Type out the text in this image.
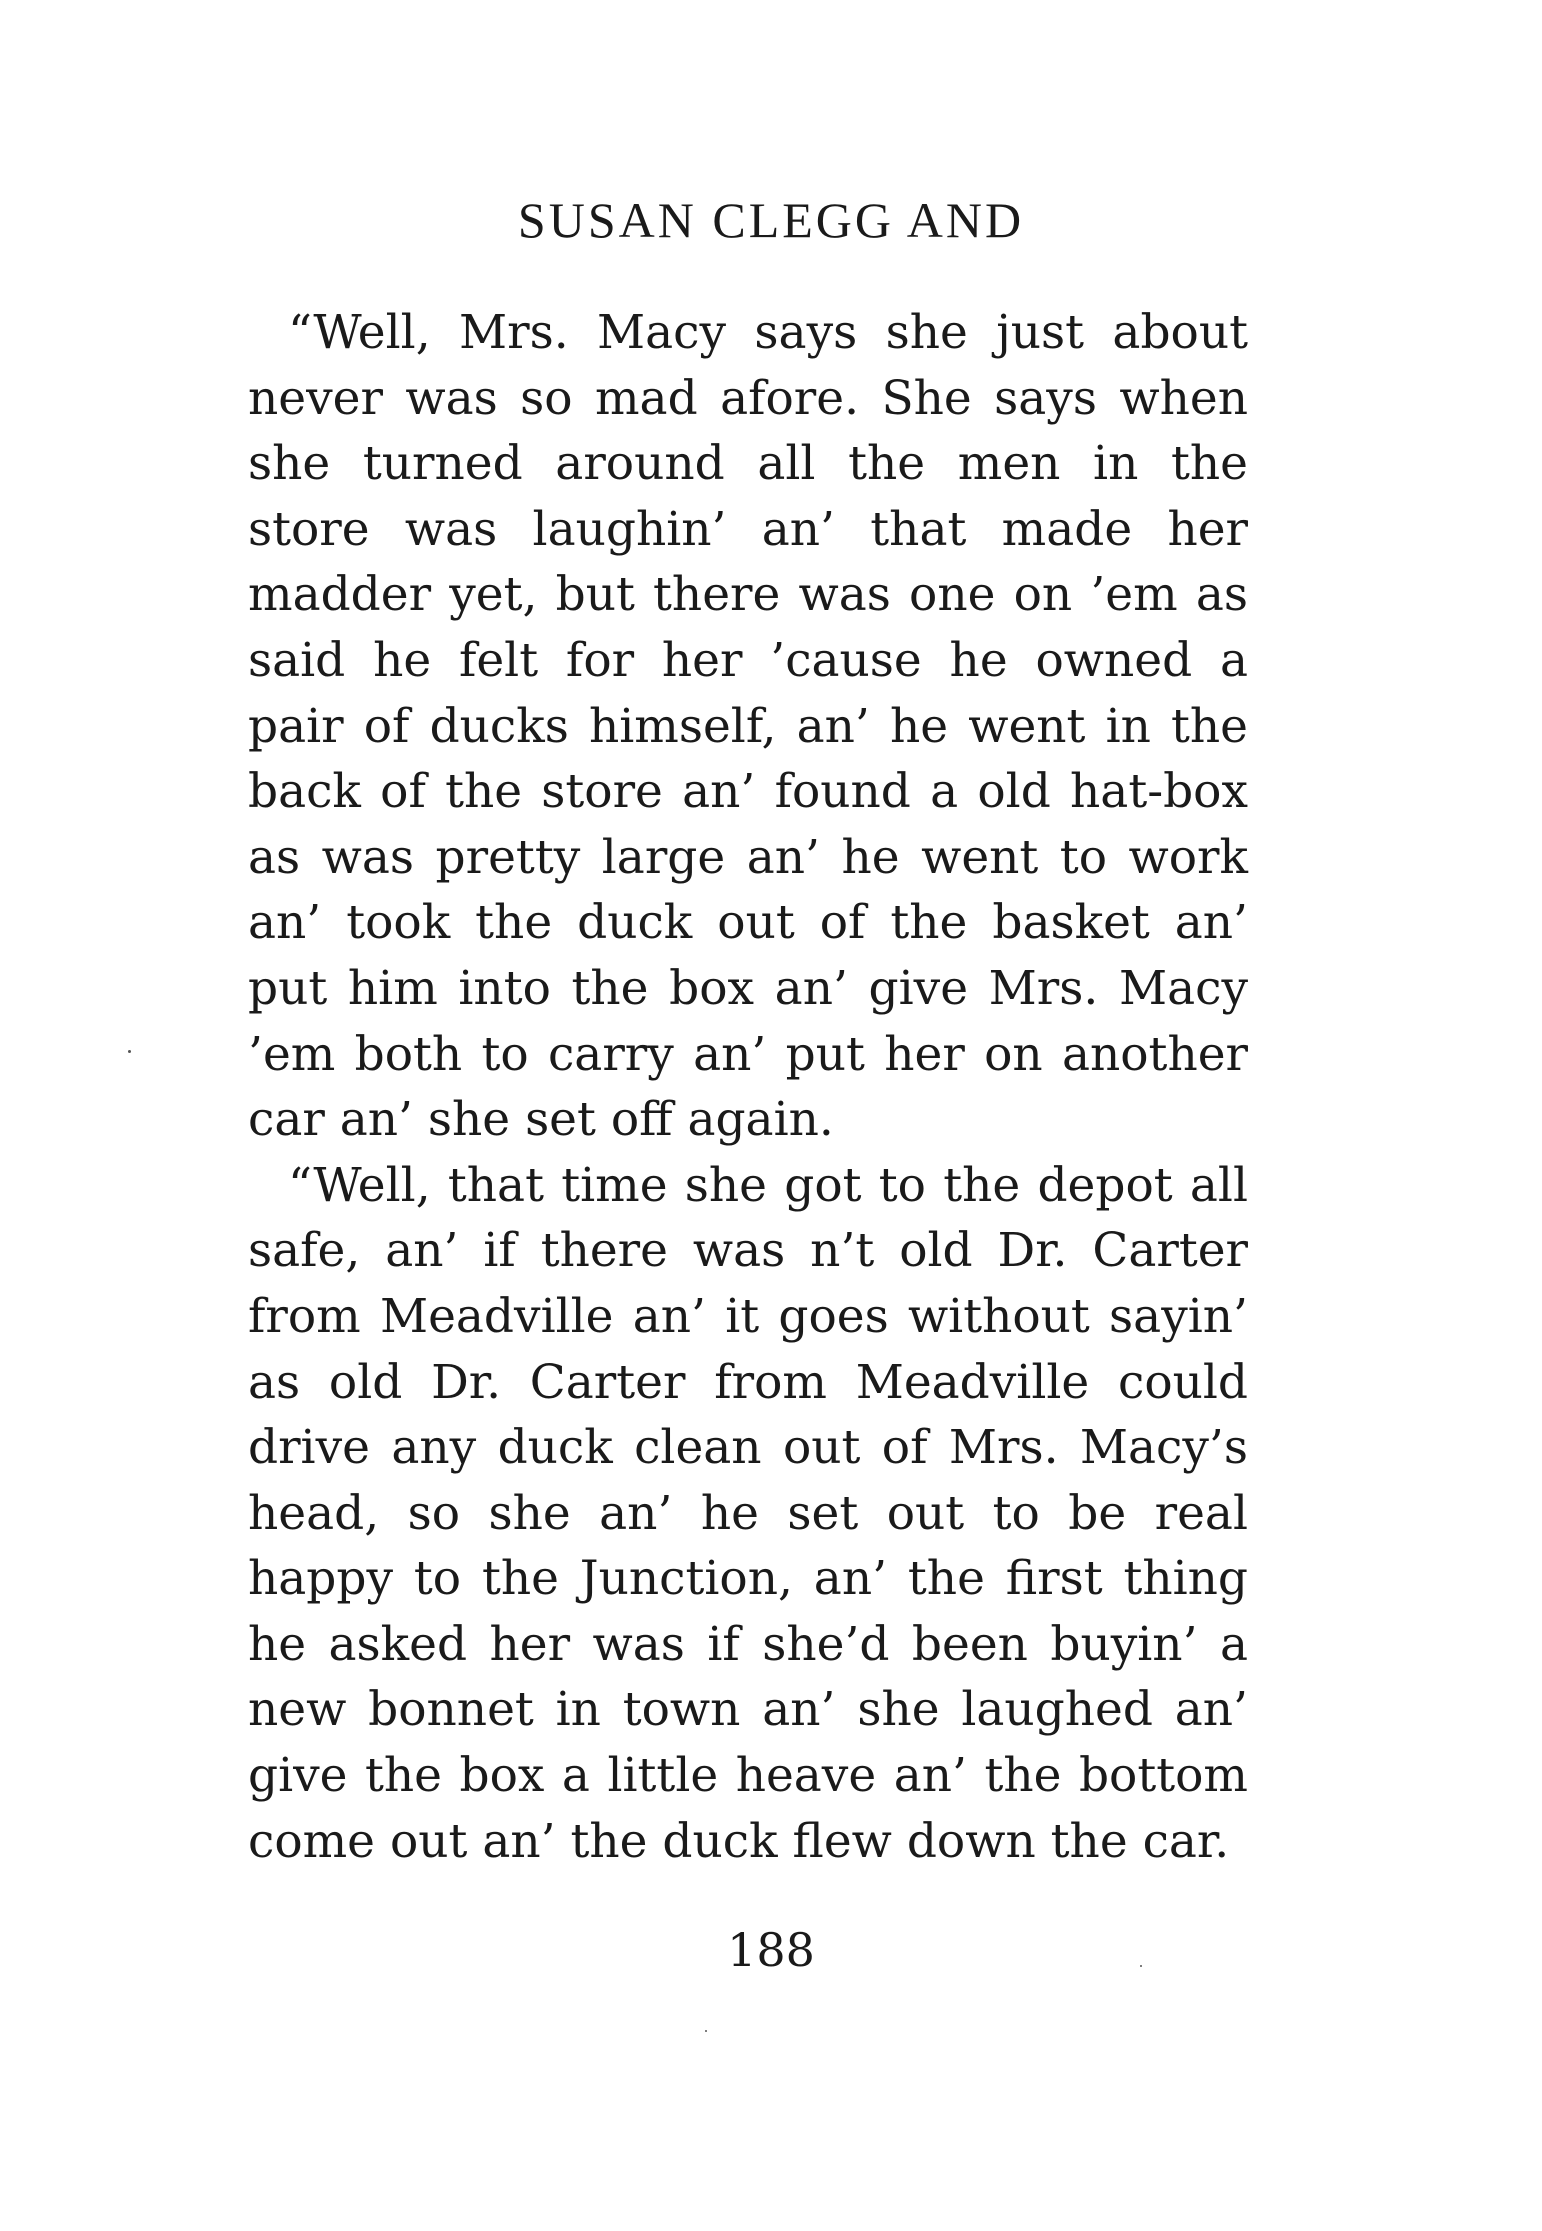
SUSAN CLEGG AND

“Well, Mrs. Macy says she just about never was so mad afore. She says when she turned around all the men in the store was laughin’ an’ that made her madder yet, but there was one on ’em as said he felt for her ’cause he owned a pair of ducks himself, an’ he went in the back of the store an’ found a old hat-box as was pretty large an’ he went to work an’ took the duck out of the basket an’ put him into the box an’ give Mrs. Macy ’em both to carry an’ put her on another car an’ she set off again.

“Well, that time she got to the depot all safe, an’ if there was n’t old Dr. Carter from Meadville an’ it goes without sayin’ as old Dr. Carter from Meadville could drive any duck clean out of Mrs. Macy’s head, so she an’ he set out to be real happy to the Junction, an’ the first thing he asked her was if she’d been buyin’ a new bonnet in town an’ she laughed an’ give the box a little heave an’ the bottom come out an’ the duck flew down the car.

188
